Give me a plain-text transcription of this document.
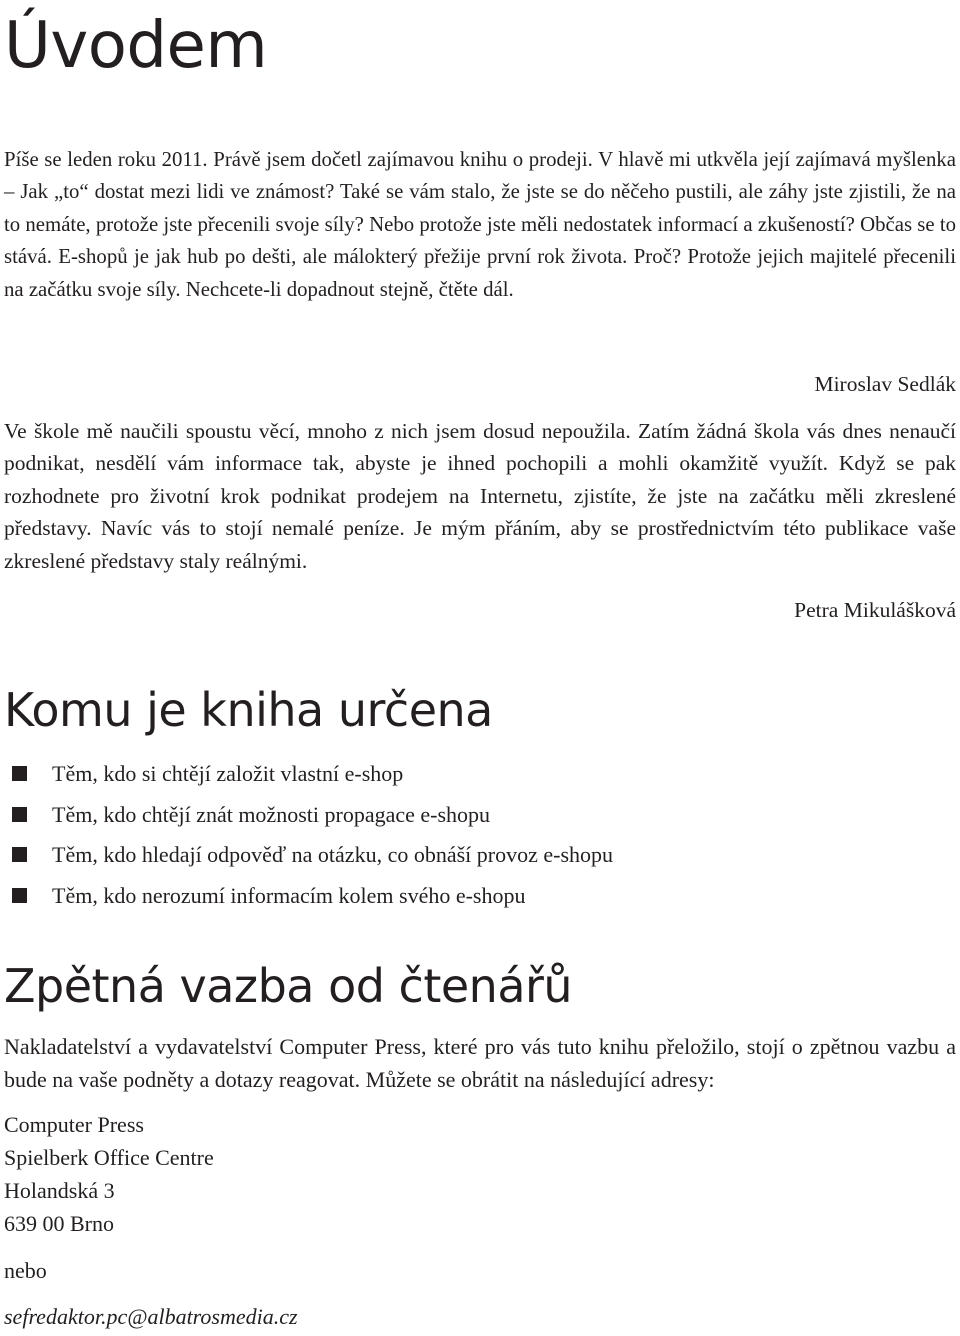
Úvodem

Píše se leden roku 2011. Právě jsem dočetl zajímavou knihu o prodeji. V hlavě mi utkvěla její zajímavá myšlenka – Jak „to“ dostat mezi lidi ve známost? Také se vám stalo, že jste se do něčeho pustili, ale záhy jste zjistili, že na to nemáte, protože jste přecenili svoje síly? Nebo protože jste měli nedostatek informací a zkušeností? Občas se to stává. E-shopů je jak hub po dešti, ale málokterý přežije první rok života. Proč? Protože jejich majitelé přecenili na začátku svoje síly. Nechcete-li dopadnout stejně, čtěte dál.

Miroslav Sedlák

Ve škole mě naučili spoustu věcí, mnoho z nich jsem dosud nepoužila. Zatím žádná škola vás dnes nenaučí podnikat, nesdělí vám informace tak, abyste je ihned pochopili a mohli okamžitě využít. Když se pak rozhodnete pro životní krok podnikat prodejem na Internetu, zjistíte, že jste na začátku měli zkreslené představy. Navíc vás to stojí nemalé peníze. Je mým přáním, aby se prostřednictvím této publikace vaše zkreslené představy staly reálnými.

Petra Mikulášková
Komu je kniha určena
Těm, kdo si chtějí založit vlastní e-shop
Těm, kdo chtějí znát možnosti propagace e-shopu
Těm, kdo hledají odpověď na otázku, co obnáší provoz e-shopu
Těm, kdo nerozumí informacím kolem svého e-shopu
Zpětná vazba od čtenářů

Nakladatelství a vydavatelství Computer Press, které pro vás tuto knihu přeložilo, stojí o zpětnou vazbu a bude na vaše podněty a dotazy reagovat. Můžete se obrátit na následující adresy:

Computer Press
Spielberk Office Centre
Holandská 3
639 00 Brno
nebo
sefredaktor.pc@albatrosmedia.cz
